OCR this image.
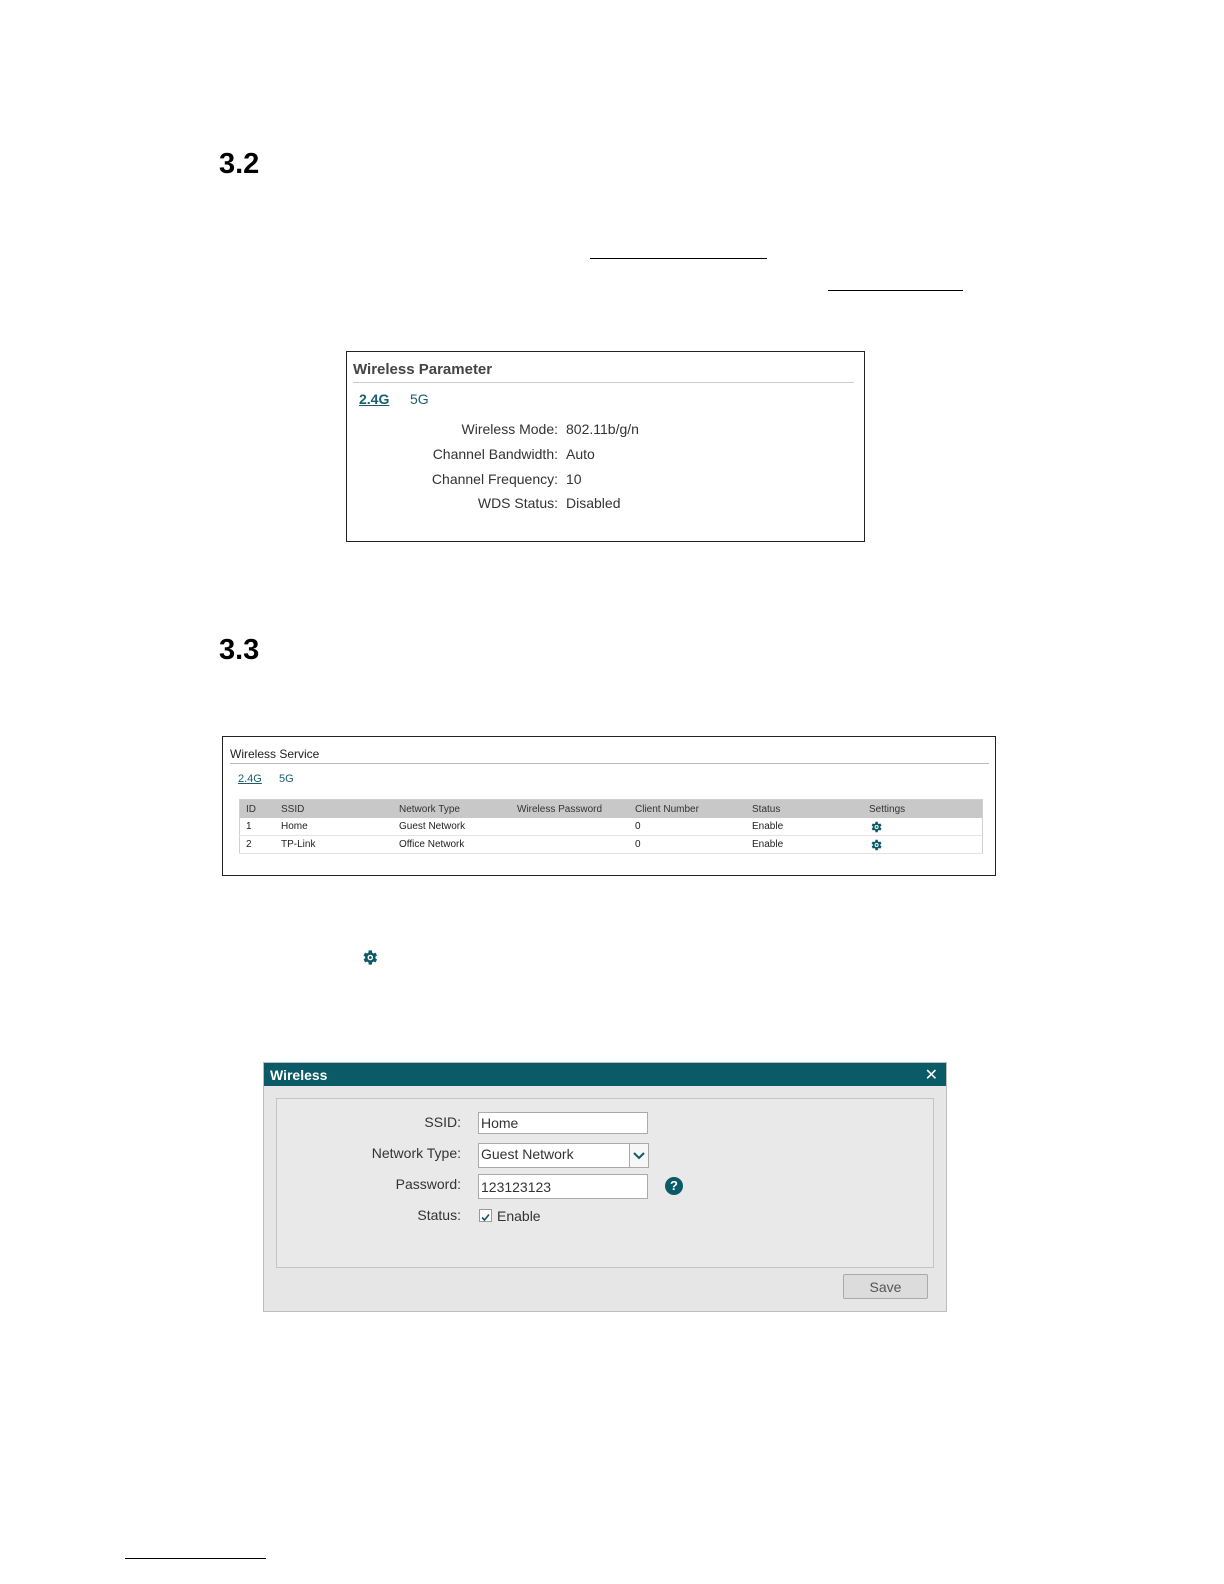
3.2
Wireless Parameter
2.4G 5G
Wireless Mode: 802.11b/g/n
Channel Bandwidth: Auto
Channel Frequency: 10
WDS Status: Disabled
3.3
Wireless Service
2.4G 5G
ID	SSID	Network Type	Wireless Password	Client Number	Status	Settings
1	Home	Guest Network		0	Enable	
2	TP-Link	Office Network		0	Enable	
Wireless	✕
SSID:
Home
Network Type: Guest Network
Password:
123123123	?
Status:	Enable
Save
